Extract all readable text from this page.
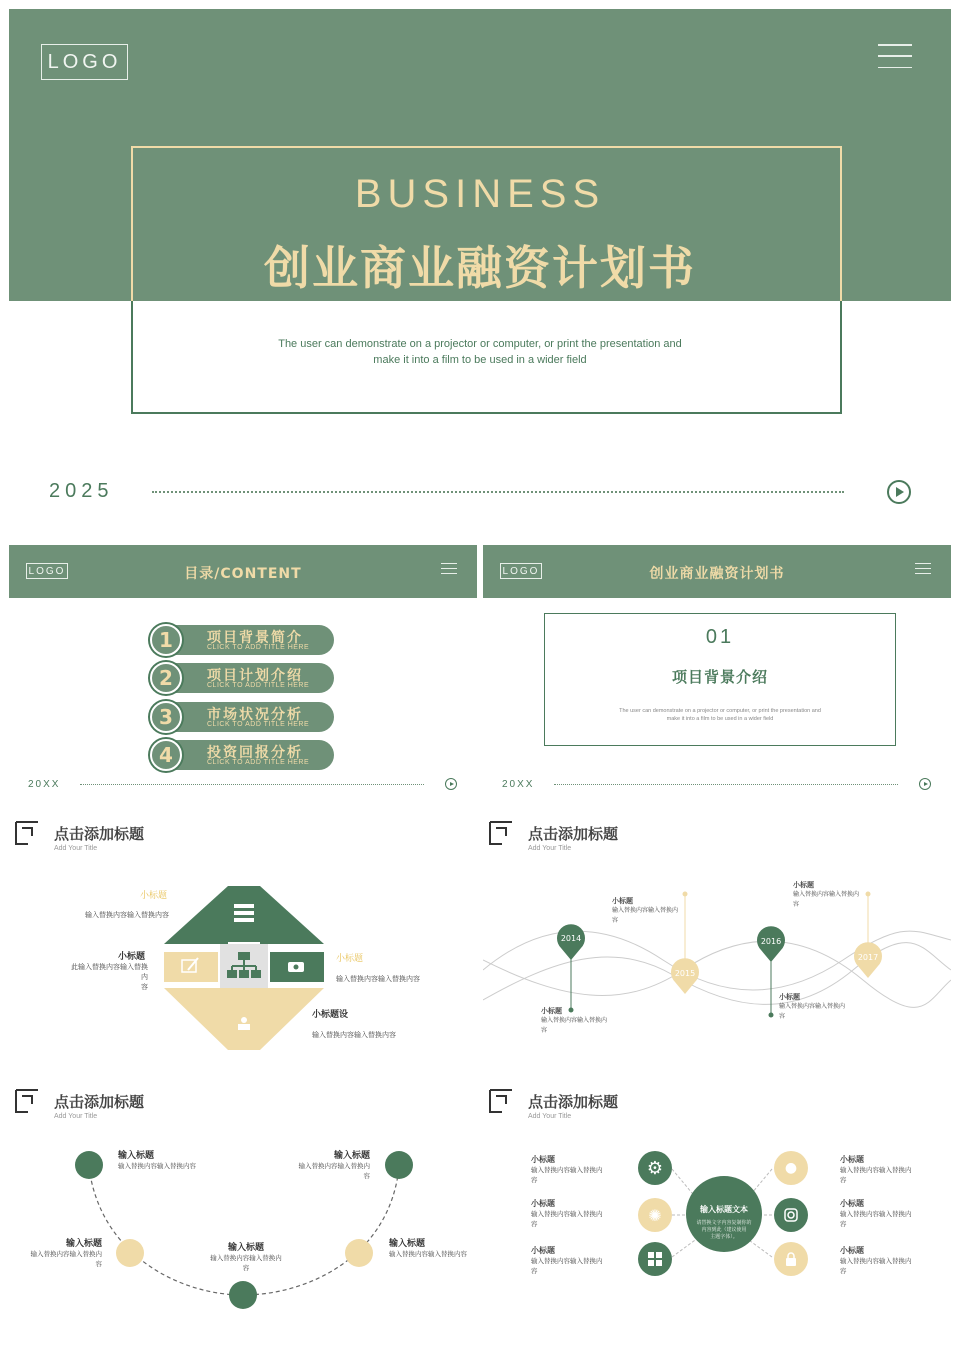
LOGO
BUSINESS
创业商业融资计划书
The user can demonstrate on a projector or computer, or print the presentation and
make it into a film to be used in a wider field
2025
LOGO	目录/CONTENT
1	项目背景简介
CLICK TO ADD TITLE HERE
2	项目计划介绍
CLICK TO ADD TITLE HERE
3	市场状况分析
CLICK TO ADD TITLE HERE
4	投资回报分析
CLICK TO ADD TITLE HERE
20XX
LOGO	创业商业融资计划书
01
项目背景介绍
The user can demonstrate on a projector or computer, or print the presentation and
make it into a film to be used in a wider field
20XX
点击添加标题
Add Your Title
小标题
输入替换内容输入替换内容
小标题
此输入替换内容输入替换内
容
小标题
输入替换内容输入替换内容
小标题设
输入替换内容输入替换内容
点击添加标题
Add Your Title
2014
2015
2016
2017
小标题
输入替换内容输入替换内
容
小标题
输入替换内容输入替换内
容
小标题
输入替换内容输入替换内
容
小标题
输入替换内容输入替换内
容
点击添加标题
Add Your Title
输入标题
输入替换内容输入替换内容
输入标题
输入替换内容输入替换内容
输入标题
输入替换内容输入替换内容
输入标题
输入替换内容输入替换内容
输入标题
输入替换内容输入替换内容
点击添加标题
Add Your Title
输入标题文本
请替换文字内容复制你的
内容到此（建议使用
主题字体）。
⚙
✺
●
小标题
输入替换内容输入替换内
容
小标题
输入替换内容输入替换内
容
小标题
输入替换内容输入替换内
容
小标题
输入替换内容输入替换内
容
小标题
输入替换内容输入替换内
容
小标题
输入替换内容输入替换内
容
